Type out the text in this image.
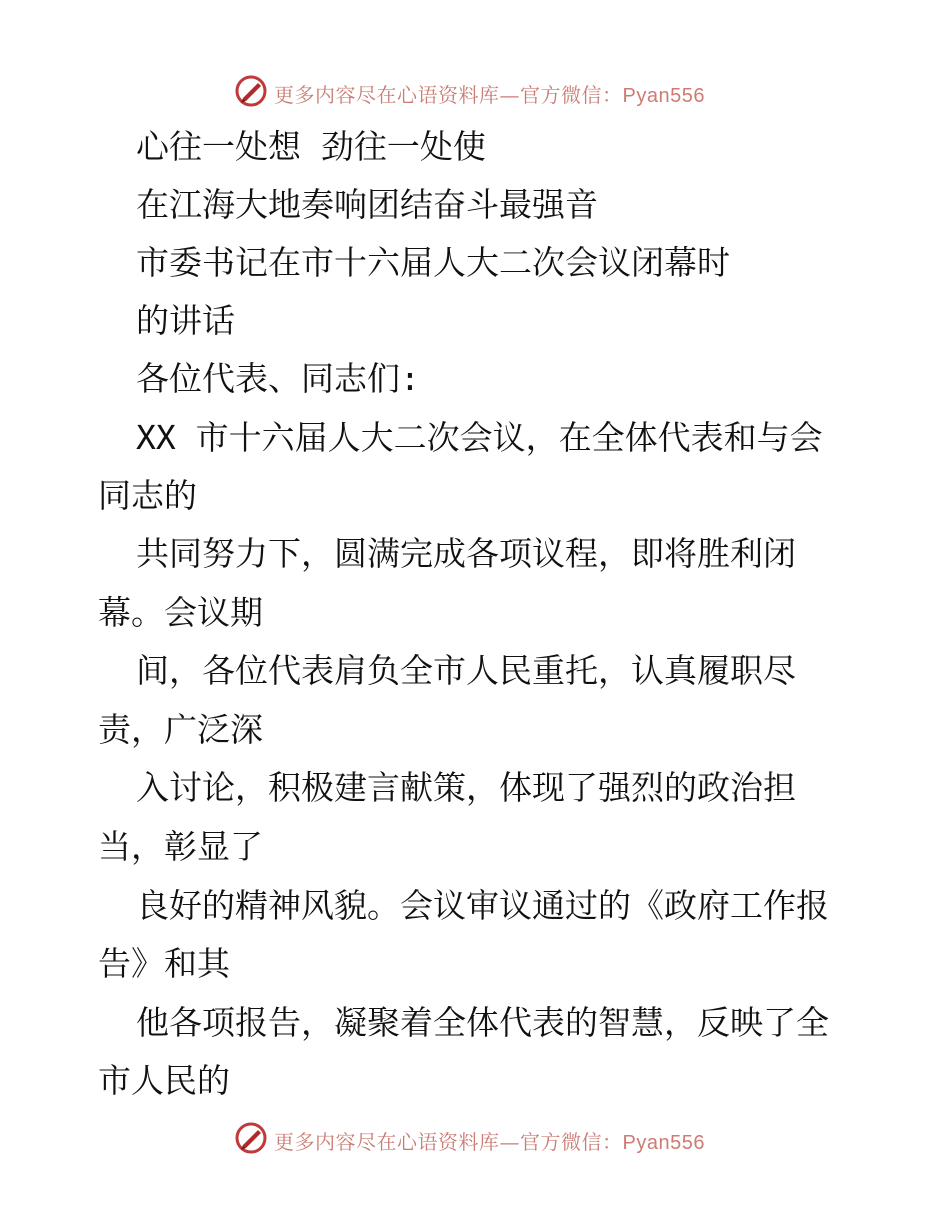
更多内容尽在心语资料库—官方微信：Pyan556
心往一处想 劲往一处使
在江海大地奏响团结奋斗最强音
市委书记在市十六届人大二次会议闭幕时
的讲话
各位代表、同志们:
XX 市十六届人大二次会议，在全体代表和与会
同志的
共同努力下，圆满完成各项议程，即将胜利闭
幕。会议期
间，各位代表肩负全市人民重托，认真履职尽
责，广泛深
入讨论，积极建言献策，体现了强烈的政治担
当，彰显了
良好的精神风貌。会议审议通过的《政府工作报
告》和其
他各项报告，凝聚着全体代表的智慧，反映了全
市人民的
更多内容尽在心语资料库—官方微信：Pyan556
